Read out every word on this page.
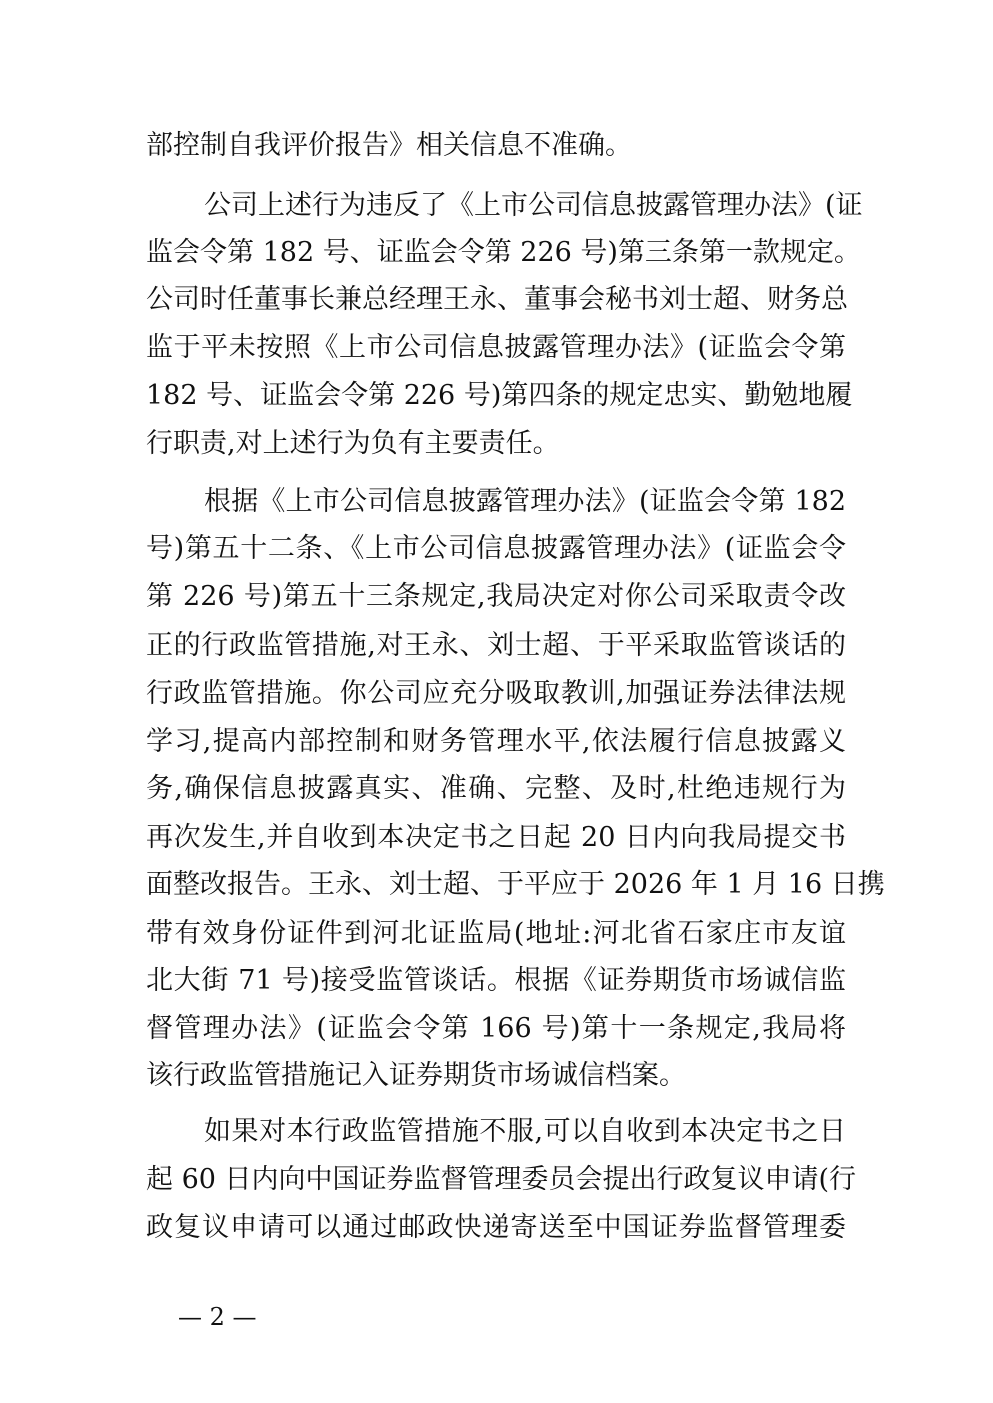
部控制自我评价报告》相关信息不准确。
公司上述行为违反了《上市公司信息披露管理办法》(证
监会令第 182 号、证监会令第 226 号)第三条第一款规定。
公司时任董事长兼总经理王永、董事会秘书刘士超、财务总
监于平未按照《上市公司信息披露管理办法》(证监会令第
182 号、证监会令第 226 号)第四条的规定忠实、勤勉地履
行职责,对上述行为负有主要责任。
根据《上市公司信息披露管理办法》(证监会令第 182
号)第五十二条、《上市公司信息披露管理办法》(证监会令
第 226 号)第五十三条规定,我局决定对你公司采取责令改
正的行政监管措施,对王永、刘士超、于平采取监管谈话的
行政监管措施。你公司应充分吸取教训,加强证券法律法规
学习,提高内部控制和财务管理水平,依法履行信息披露义
务,确保信息披露真实、准确、完整、及时,杜绝违规行为
再次发生,并自收到本决定书之日起 20 日内向我局提交书
面整改报告。王永、刘士超、于平应于 2026 年 1 月 16 日携
带有效身份证件到河北证监局(地址:河北省石家庄市友谊
北大街 71 号)接受监管谈话。根据《证券期货市场诚信监
督管理办法》(证监会令第 166 号)第十一条规定,我局将
该行政监管措施记入证券期货市场诚信档案。
如果对本行政监管措施不服,可以自收到本决定书之日
起 60 日内向中国证券监督管理委员会提出行政复议申请(行
政复议申请可以通过邮政快递寄送至中国证券监督管理委
— 2 —
